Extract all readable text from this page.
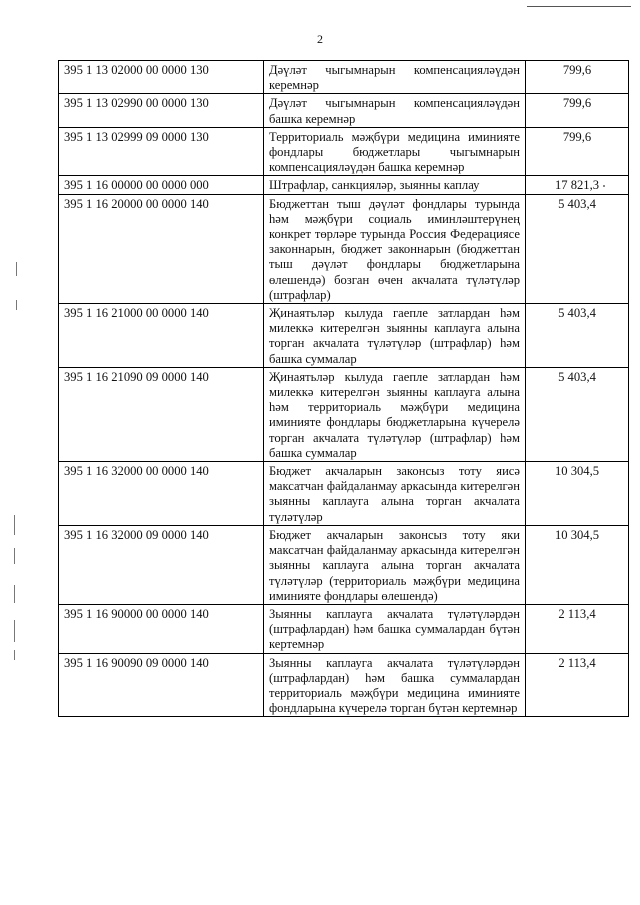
2
395 1 13 02000 00 0000 130	Дәүләт чыгымнарын компенсацияләүдән керемнәр	799,6
395 1 13 02990 00 0000 130	Дәүләт чыгымнарын компенсацияләүдән башка керемнәр	799,6
395 1 13 02999 09 0000 130	Территориаль мәҗбүри медицина иминияте фондлары бюджетлары чыгымнарын компенсацияләүдән башка керемнәр	799,6
395 1 16 00000 00 0000 000	Штрафлар, санкцияләр, зыянны каплау	17 821,3
395 1 16 20000 00 0000 140	Бюджеттан тыш дәүләт фондлары турында һәм мәҗбүри социаль иминләштерүнең конкрет төрләре турында Россия Федерациясе законнарын, бюджет законнарын (бюджеттан тыш дәүләт фондлары бюджетларына өлешендә) бозган өчен акчалата түләтүләр (штрафлар)	5 403,4
395 1 16 21000 00 0000 140	Җинаятьләр кылуда гаепле затлардан һәм милеккә китерелгән зыянны каплауга алына торган акчалата түләтүләр (штрафлар) һәм башка суммалар	5 403,4
395 1 16 21090 09 0000 140	Җинаятьләр кылуда гаепле затлардан һәм милеккә китерелгән зыянны каплауга алына һәм территориаль мәҗбүри медицина иминияте фондлары бюджетларына күчерелә торган акчалата түләтүләр (штрафлар) һәм башка суммалар	5 403,4
395 1 16 32000 00 0000 140	Бюджет акчаларын законсыз тоту яисә максатчан файдаланмау аркасында китерелгән зыянны каплауга алына торган акчалата түләтүләр	10 304,5
395 1 16 32000 09 0000 140	Бюджет акчаларын законсыз тоту яки максатчан файдаланмау аркасында китерелгән зыянны каплауга алына торган акчалата түләтүләр (территориаль мәҗбүри медицина иминияте фондлары өлешендә)	10 304,5
395 1 16 90000 00 0000 140	Зыянны каплауга акчалата түләтүләрдән (штрафлардан) һәм башка суммалардан бүтән кертемнәр	2 113,4
395 1 16 90090 09 0000 140	Зыянны каплауга акчалата түләтүләрдән (штрафлардан) һәм башка суммалардан территориаль мәҗбүри медицина иминияте фондларына күчерелә торган бүтән кертемнәр	2 113,4
